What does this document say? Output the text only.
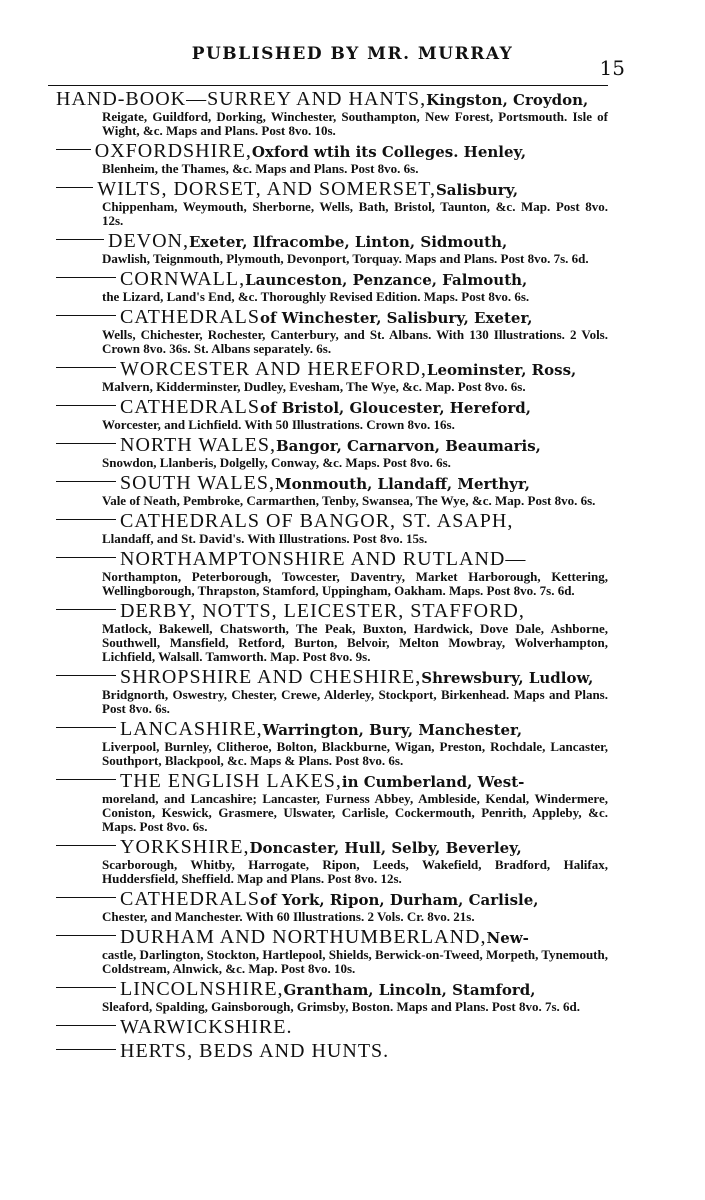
PUBLISHED BY MR. MURRAY
15
HAND-BOOK—SURREY AND HANTS, Kingston, Croydon,

Reigate, Guildford, Dorking, Winchester, Southampton, New Forest, Portsmouth. Isle of Wight, &c. Maps and Plans. Post 8vo. 10s.

OXFORDSHIRE, Oxford wtih its Colleges. Henley,

Blenheim, the Thames, &c. Maps and Plans. Post 8vo. 6s.

WILTS, DORSET, AND SOMERSET, Salisbury,

Chippenham, Weymouth, Sherborne, Wells, Bath, Bristol, Taunton, &c. Map. Post 8vo. 12s.

DEVON, Exeter, Ilfracombe, Linton, Sidmouth,

Dawlish, Teignmouth, Plymouth, Devonport, Torquay. Maps and Plans. Post 8vo. 7s. 6d.

CORNWALL, Launceston, Penzance, Falmouth,

the Lizard, Land's End, &c. Thoroughly Revised Edition. Maps. Post 8vo. 6s.

CATHEDRALS of Winchester, Salisbury, Exeter,

Wells, Chichester, Rochester, Canterbury, and St. Albans. With 130 Illustrations. 2 Vols. Crown 8vo. 36s. St. Albans separately. 6s.

WORCESTER AND HEREFORD, Leominster, Ross,

Malvern, Kidderminster, Dudley, Evesham, The Wye, &c. Map. Post 8vo. 6s.

CATHEDRALS of Bristol, Gloucester, Hereford,

Worcester, and Lichfield. With 50 Illustrations. Crown 8vo. 16s.

NORTH WALES, Bangor, Carnarvon, Beaumaris,

Snowdon, Llanberis, Dolgelly, Conway, &c. Maps. Post 8vo. 6s.

SOUTH WALES, Monmouth, Llandaff, Merthyr,

Vale of Neath, Pembroke, Carmarthen, Tenby, Swansea, The Wye, &c. Map. Post 8vo. 6s.

CATHEDRALS OF BANGOR, ST. ASAPH,

Llandaff, and St. David's. With Illustrations. Post 8vo. 15s.

NORTHAMPTONSHIRE AND RUTLAND—

Northampton, Peterborough, Towcester, Daventry, Market Harborough, Kettering, Wellingborough, Thrapston, Stamford, Uppingham, Oakham. Maps. Post 8vo. 7s. 6d.

DERBY, NOTTS, LEICESTER, STAFFORD,

Matlock, Bakewell, Chatsworth, The Peak, Buxton, Hardwick, Dove Dale, Ashborne, Southwell, Mansfield, Retford, Burton, Belvoir, Melton Mowbray, Wolverhampton, Lichfield, Walsall. Tamworth. Map. Post 8vo. 9s.

SHROPSHIRE AND CHESHIRE, Shrewsbury, Ludlow,

Bridgnorth, Oswestry, Chester, Crewe, Alderley, Stockport, Birkenhead. Maps and Plans. Post 8vo. 6s.

LANCASHIRE, Warrington, Bury, Manchester,

Liverpool, Burnley, Clitheroe, Bolton, Blackburne, Wigan, Preston, Rochdale, Lancaster, Southport, Blackpool, &c. Maps & Plans. Post 8vo. 6s.

THE ENGLISH LAKES, in Cumberland, West-

moreland, and Lancashire; Lancaster, Furness Abbey, Ambleside, Kendal, Windermere, Coniston, Keswick, Grasmere, Ulswater, Carlisle, Cockermouth, Penrith, Appleby, &c. Maps. Post 8vo. 6s.

YORKSHIRE, Doncaster, Hull, Selby, Beverley,

Scarborough, Whitby, Harrogate, Ripon, Leeds, Wakefield, Bradford, Halifax, Huddersfield, Sheffield. Map and Plans. Post 8vo. 12s.

CATHEDRALS of York, Ripon, Durham, Carlisle,

Chester, and Manchester. With 60 Illustrations. 2 Vols. Cr. 8vo. 21s.

DURHAM AND NORTHUMBERLAND, New-

castle, Darlington, Stockton, Hartlepool, Shields, Berwick-on-Tweed, Morpeth, Tynemouth, Coldstream, Alnwick, &c. Map. Post 8vo. 10s.

LINCOLNSHIRE, Grantham, Lincoln, Stamford,

Sleaford, Spalding, Gainsborough, Grimsby, Boston. Maps and Plans. Post 8vo. 7s. 6d.

WARWICKSHIRE.
HERTS, BEDS AND HUNTS.
